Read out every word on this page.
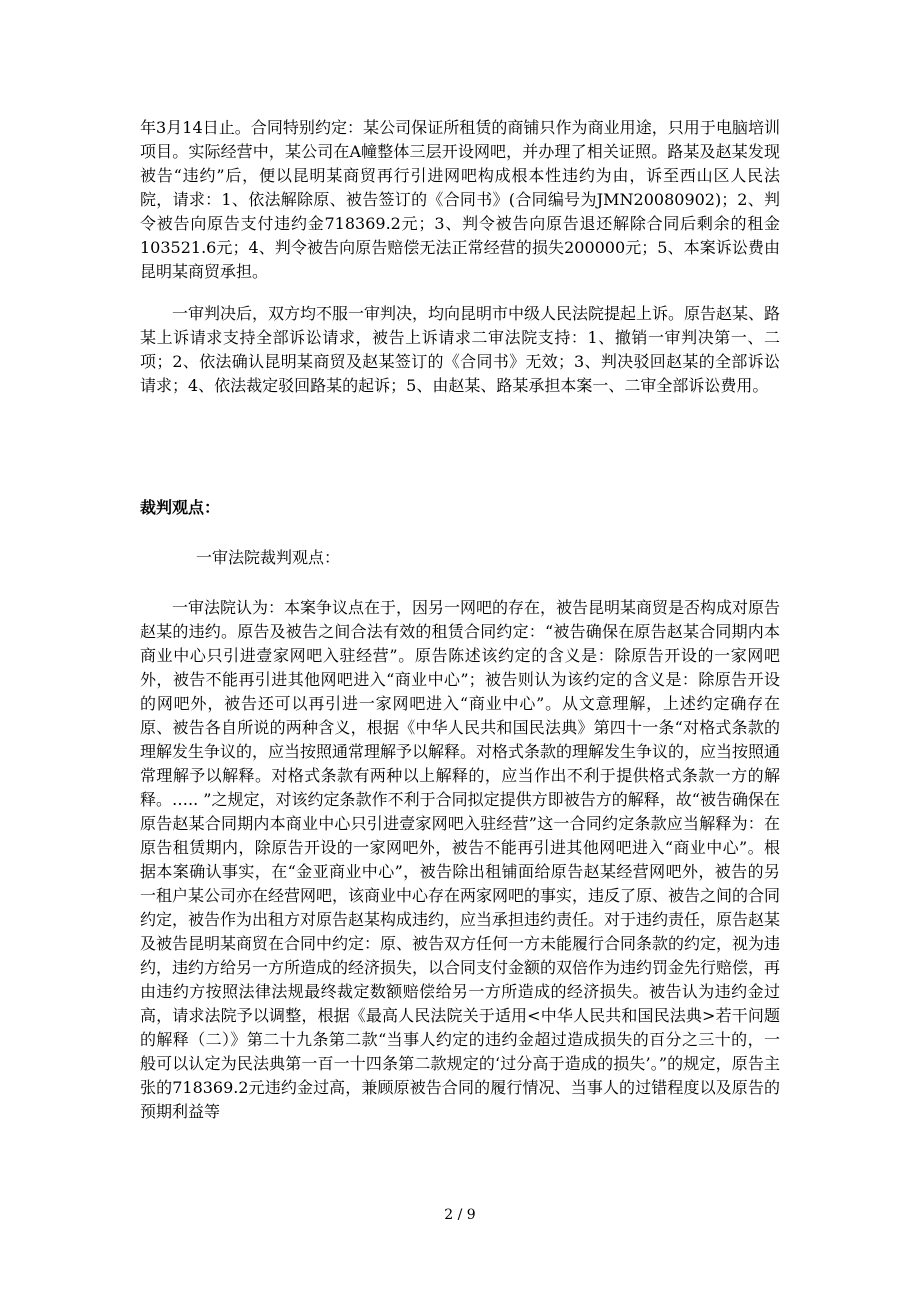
年3月14日止。合同特别约定：某公司保证所租赁的商铺只作为商业用途，只用于电脑培训项目。实际经营中，某公司在A幢整体三层开设网吧，并办理了相关证照。路某及赵某发现被告“违约”后，便以昆明某商贸再行引进网吧构成根本性违约为由，诉至西山区人民法院，请求：1、依法解除原、被告签订的《合同书》(合同编号为JMN20080902)；2、判令被告向原告支付违约金718369.2元；3、判令被告向原告退还解除合同后剩余的租金103521.6元；4、判令被告向原告赔偿无法正常经营的损失200000元；5、本案诉讼费由昆明某商贸承担。

一审判决后，双方均不服一审判决，均向昆明市中级人民法院提起上诉。原告赵某、路某上诉请求支持全部诉讼请求，被告上诉请求二审法院支持：1、撤销一审判决第一、二项；2、依法确认昆明某商贸及赵某签订的《合同书》无效；3、判决驳回赵某的全部诉讼请求；4、依法裁定驳回路某的起诉；5、由赵某、路某承担本案一、二审全部诉讼费用。

裁判观点：

一审法院裁判观点：

一审法院认为：本案争议点在于，因另一网吧的存在，被告昆明某商贸是否构成对原告赵某的违约。原告及被告之间合法有效的租赁合同约定：“被告确保在原告赵某合同期内本商业中心只引进壹家网吧入驻经营”。原告陈述该约定的含义是：除原告开设的一家网吧外，被告不能再引进其他网吧进入“商业中心”；被告则认为该约定的含义是：除原告开设的网吧外，被告还可以再引进一家网吧进入“商业中心”。从文意理解，上述约定确存在原、被告各自所说的两种含义，根据《中华人民共和国民法典》第四十一条“对格式条款的理解发生争议的，应当按照通常理解予以解释。对格式条款的理解发生争议的，应当按照通常理解予以解释。对格式条款有两种以上解释的，应当作出不利于提供格式条款一方的解释。….. ”之规定，对该约定条款作不利于合同拟定提供方即被告方的解释，故“被告确保在原告赵某合同期内本商业中心只引进壹家网吧入驻经营”这一合同约定条款应当解释为：在原告租赁期内，除原告开设的一家网吧外，被告不能再引进其他网吧进入“商业中心”。根据本案确认事实，在“金亚商业中心”，被告除出租铺面给原告赵某经营网吧外，被告的另一租户某公司亦在经营网吧，该商业中心存在两家网吧的事实，违反了原、被告之间的合同约定，被告作为出租方对原告赵某构成违约，应当承担违约责任。对于违约责任，原告赵某及被告昆明某商贸在合同中约定：原、被告双方任何一方未能履行合同条款的约定，视为违约，违约方给另一方所造成的经济损失，以合同支付金额的双倍作为违约罚金先行赔偿，再由违约方按照法律法规最终裁定数额赔偿给另一方所造成的经济损失。被告认为违约金过高，请求法院予以调整，根据《最高人民法院关于适用<中华人民共和国民法典>若干问题的解释（二）》第二十九条第二款“当事人约定的违约金超过造成损失的百分之三十的，一般可以认定为民法典第一百一十四条第二款规定的‘过分高于造成的损失’。”的规定，原告主张的718369.2元违约金过高，兼顾原被告合同的履行情况、当事人的过错程度以及原告的预期利益等

2 / 9
